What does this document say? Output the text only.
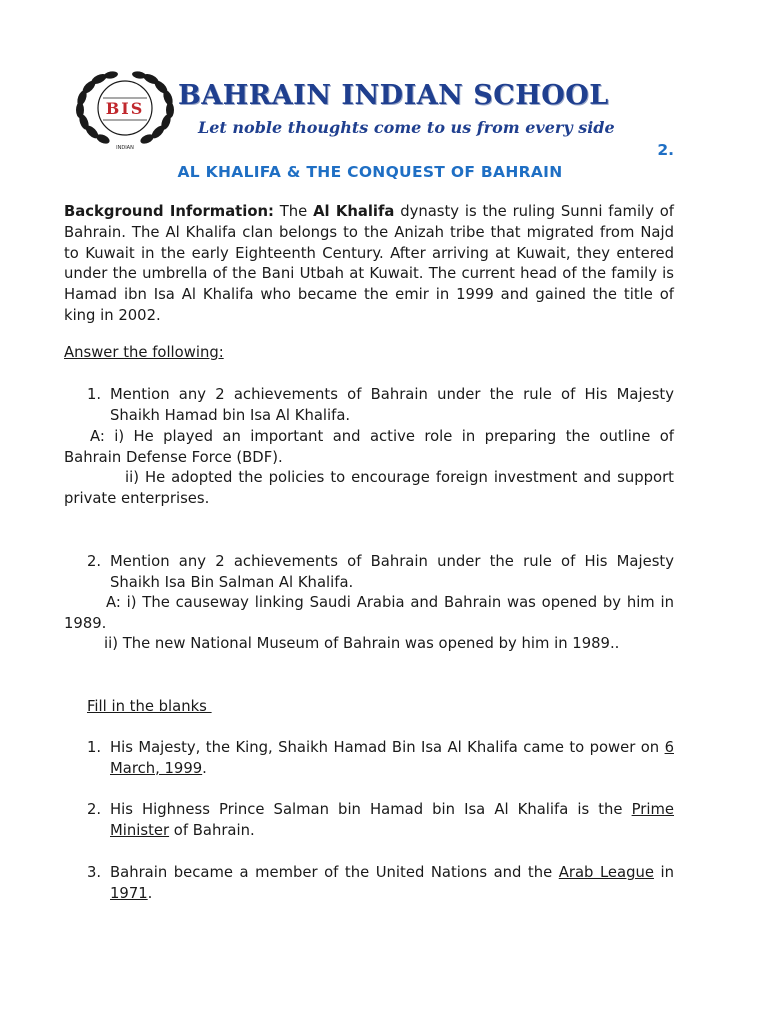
BIS
INDIAN
BAHRAIN INDIAN SCHOOL
Let noble thoughts come to us from every side
2.
AL KHALIFA & THE CONQUEST OF BAHRAIN
Background Information: The Al Khalifa dynasty is the ruling Sunni family of Bahrain. The Al Khalifa clan belongs to the Anizah tribe that migrated from Najd to Kuwait in the early Eighteenth Century. After arriving at Kuwait, they entered under the umbrella of the Bani Utbah at Kuwait. The current head of the family is Hamad ibn Isa Al Khalifa who became the emir in 1999 and gained the title of king in 2002.
Answer the following:
1. Mention any 2 achievements of Bahrain under the rule of His Majesty Shaikh Hamad bin Isa Al Khalifa.
A: i) He played an important and active role in preparing the outline of Bahrain Defense Force (BDF).
ii) He adopted the policies to encourage foreign investment and support private enterprises.
2. Mention any 2 achievements of Bahrain under the rule of His Majesty Shaikh Isa Bin Salman Al Khalifa.
A: i) The causeway linking Saudi Arabia and Bahrain was opened by him in 1989.
ii) The new National Museum of Bahrain was opened by him in 1989..
Fill in the blanks
1. His Majesty, the King, Shaikh Hamad Bin Isa Al Khalifa came to power on 6 March, 1999.
2. His Highness Prince Salman bin Hamad bin Isa Al Khalifa is the Prime Minister of Bahrain.
3. Bahrain became a member of the United Nations and the Arab League in 1971.
